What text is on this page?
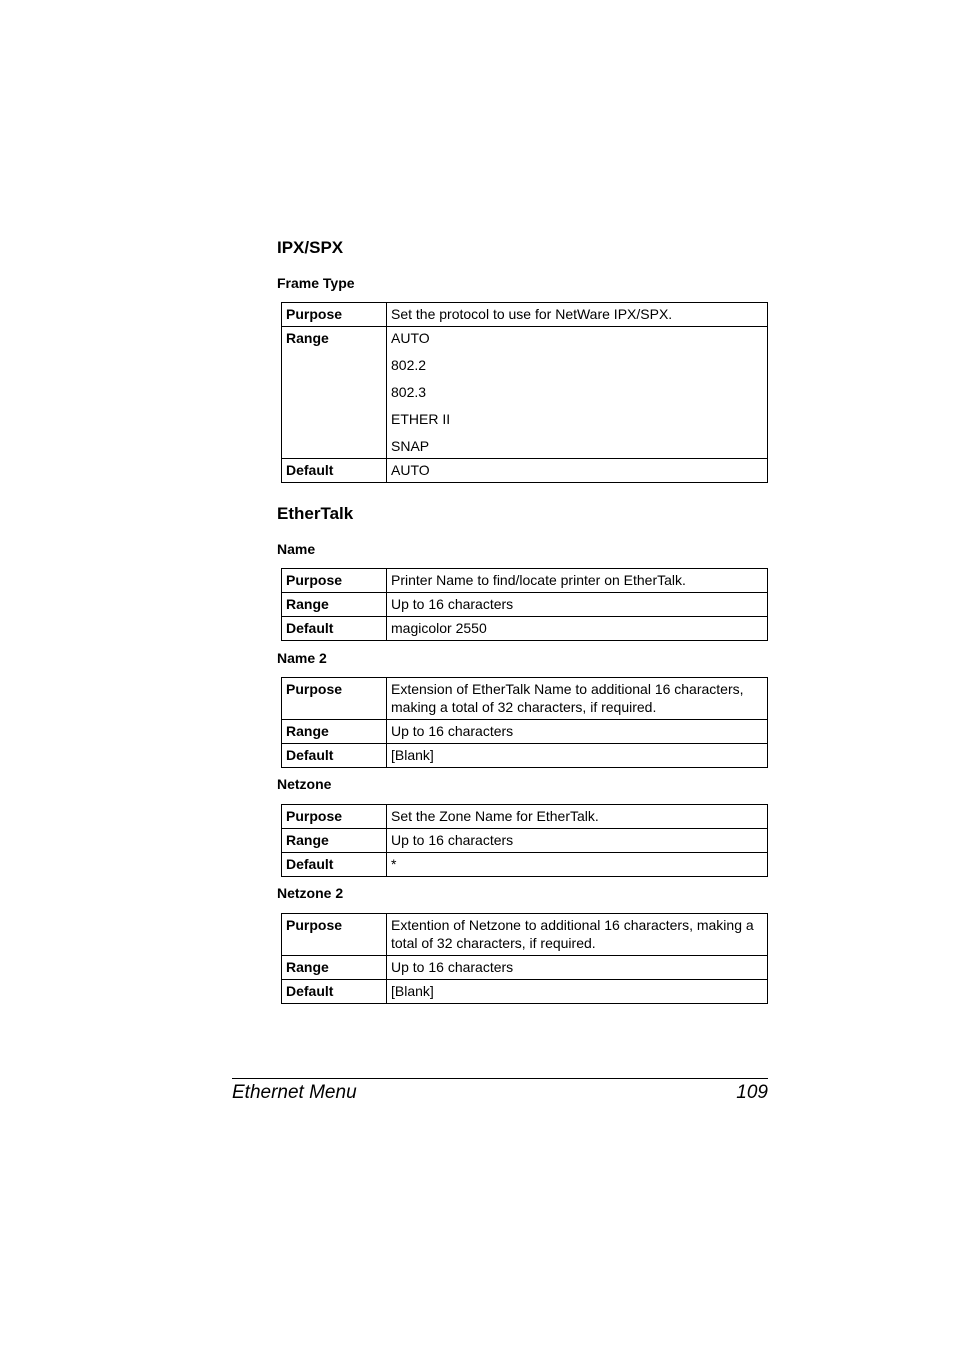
IPX/SPX
Frame Type
Purpose	Set the protocol to use for NetWare IPX/SPX.
Range	AUTO
802.2
802.3
ETHER II
SNAP

Default	AUTO
EtherTalk
Name
Purpose	Printer Name to find/locate printer on EtherTalk.
Range	Up to 16 characters
Default	magicolor 2550
Name 2
Purpose	Extension of EtherTalk Name to additional 16 characters, making a total of 32 characters, if required.
Range	Up to 16 characters
Default	[Blank]
Netzone
Purpose	Set the Zone Name for EtherTalk.
Range	Up to 16 characters
Default	*
Netzone 2
Purpose	Extention of Netzone to additional 16 characters, making a total of 32 characters, if required.
Range	Up to 16 characters
Default	[Blank]
Ethernet Menu	109
